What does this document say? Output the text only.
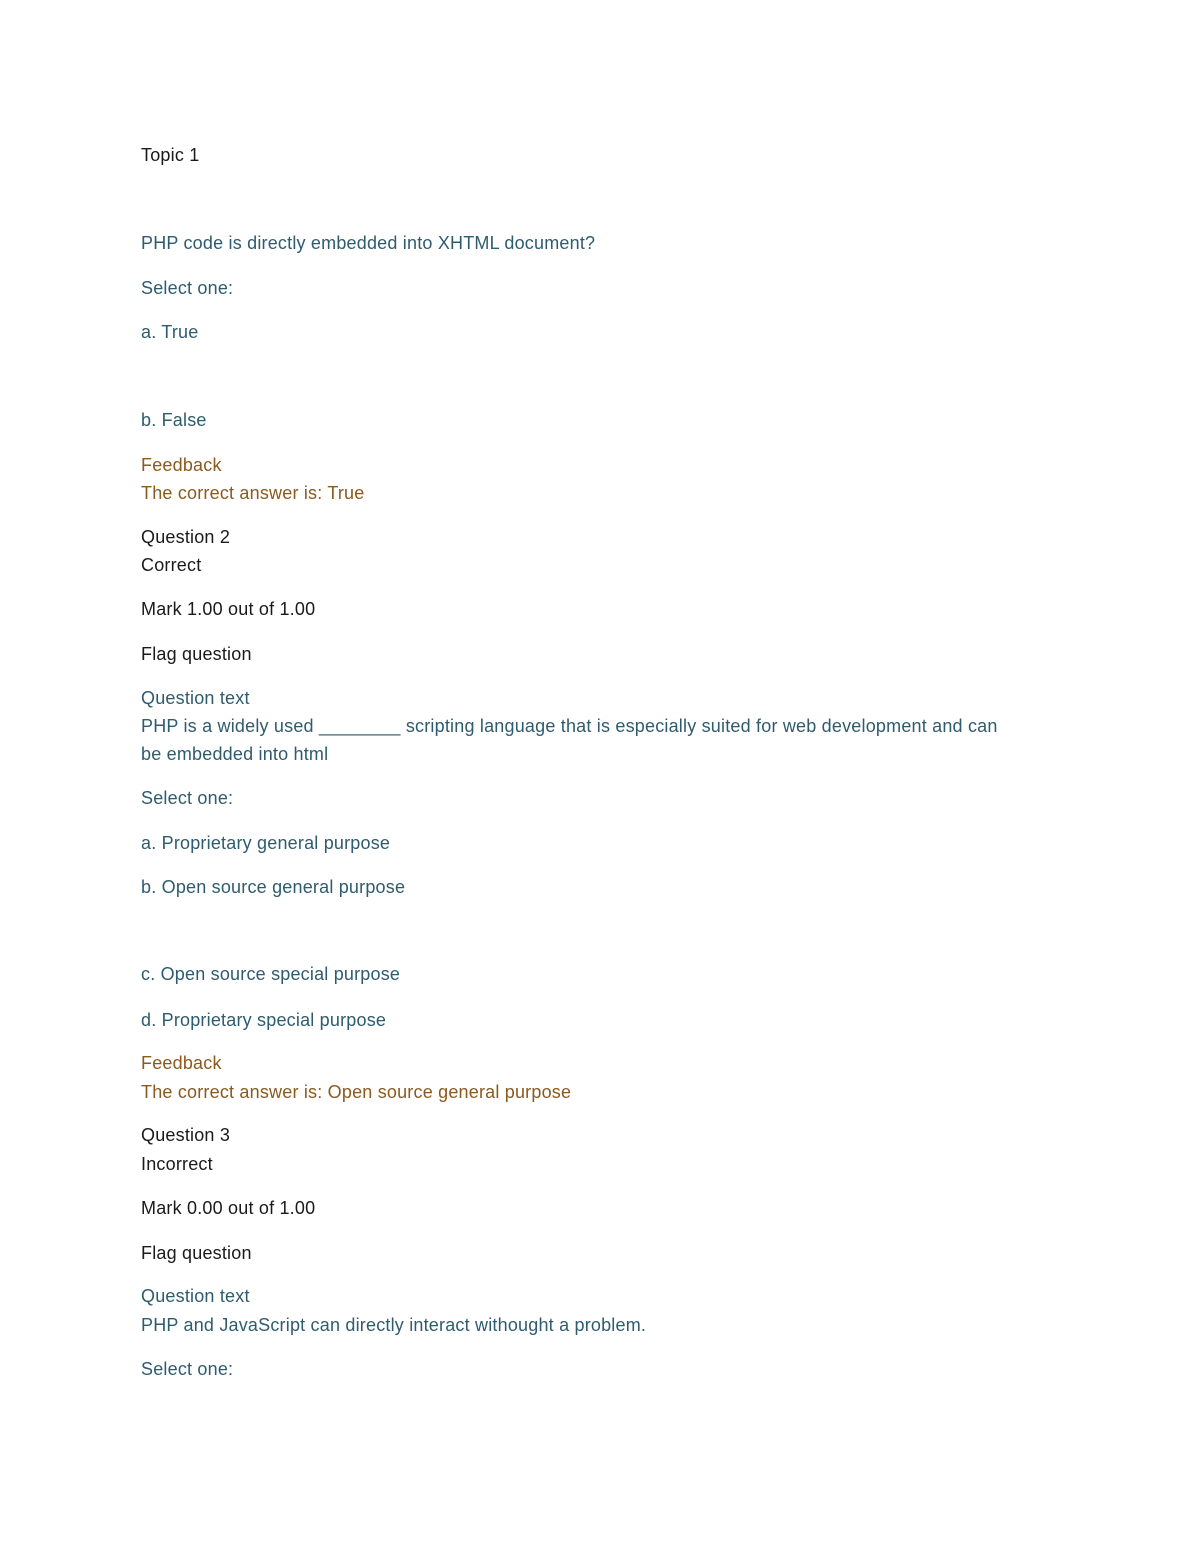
Topic 1
PHP code is directly embedded into XHTML document?
Select one:
a. True
b. False
Feedback
The correct answer is: True
Question 2
Correct
Mark 1.00 out of 1.00
Flag question
Question text
PHP is a widely used ________ scripting language that is especially suited for web development and can
be embedded into html
Select one:
a. Proprietary general purpose
b. Open source general purpose
c. Open source special purpose
d. Proprietary special purpose
Feedback
The correct answer is: Open source general purpose
Question 3
Incorrect
Mark 0.00 out of 1.00
Flag question
Question text
PHP and JavaScript can directly interact withought a problem.
Select one:
